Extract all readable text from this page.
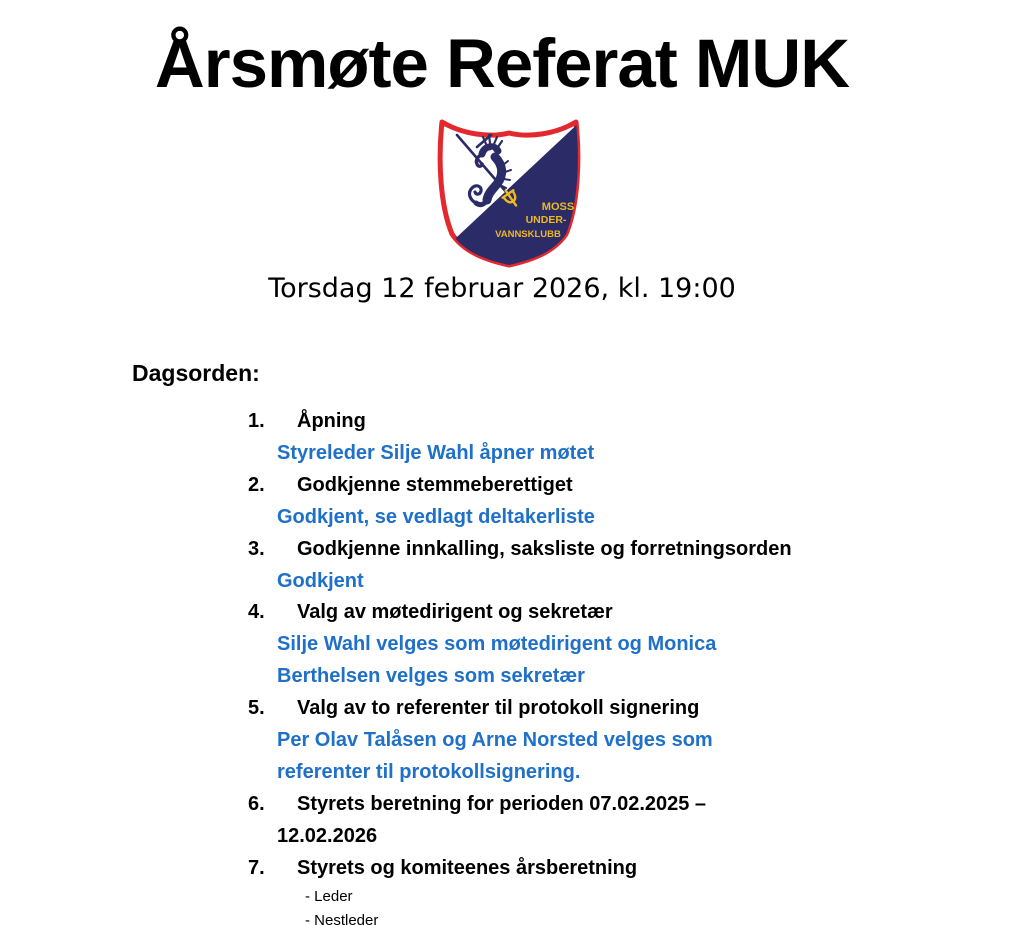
Årsmøte Referat MUK
MOSS
UNDER-
VANNSKLUBB
Torsdag 12 februar 2026, kl. 19:00
Dagsorden:
1. Åpning
Styreleder Silje Wahl åpner møtet
2. Godkjenne stemmeberettiget
Godkjent, se vedlagt deltakerliste
3. Godkjenne innkalling, saksliste og forretningsorden
Godkjent
4. Valg av møtedirigent og sekretær
Silje Wahl velges som møtedirigent og Monica
Berthelsen velges som sekretær
5. Valg av to referenter til protokoll signering
Per Olav Talåsen og Arne Norsted velges som
referenter til protokollsignering.
6. Styrets beretning for perioden 07.02.2025 –
12.02.2026
7. Styrets og komiteenes årsberetning
- Leder
- Nestleder
